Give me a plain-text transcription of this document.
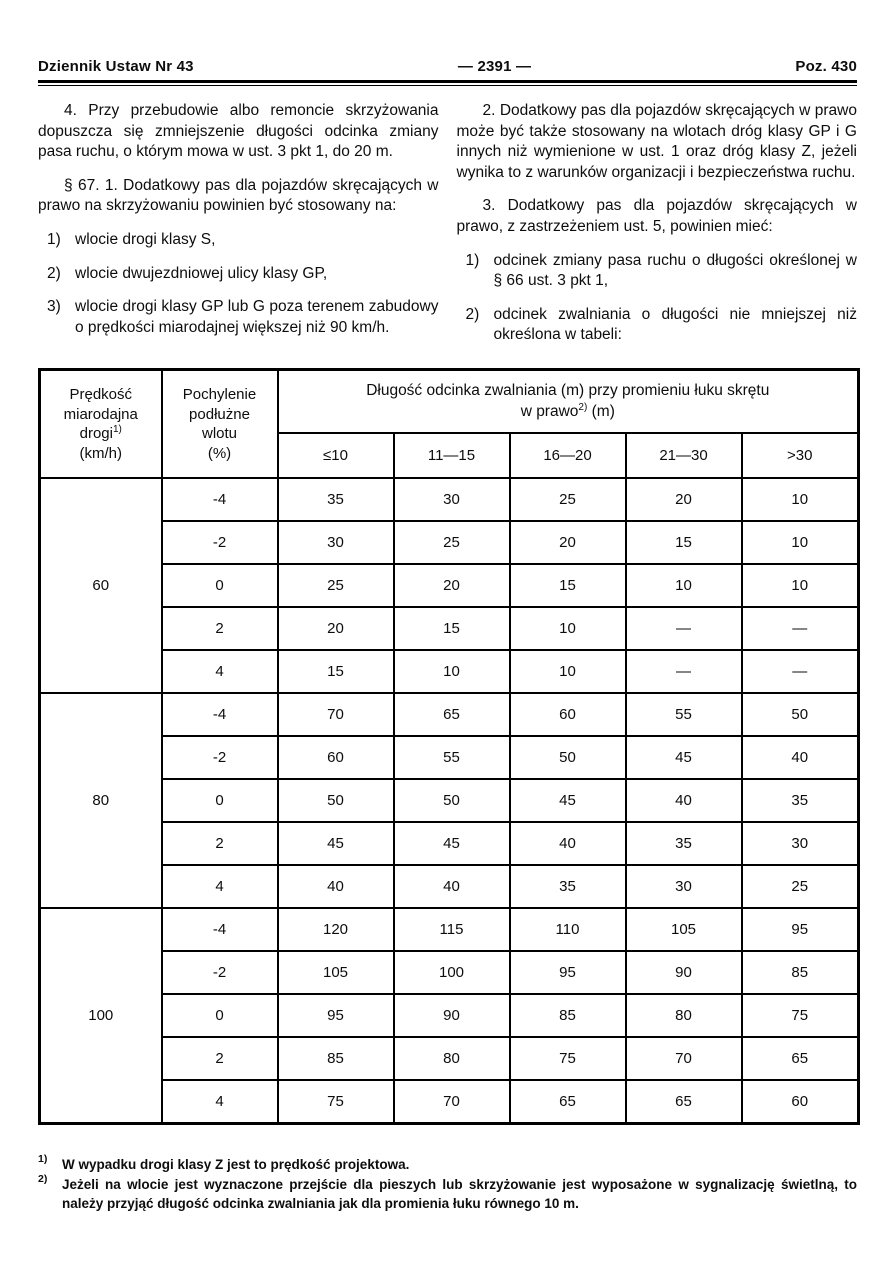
Dziennik Ustaw Nr 43	— 2391 —	Poz. 430

4. Przy przebudowie albo remoncie skrzyżowania dopuszcza się zmniejszenie długości odcinka zmiany pasa ruchu, o którym mowa w ust. 3 pkt 1, do 20 m.

§ 67. 1. Dodatkowy pas dla pojazdów skręcających w prawo na skrzyżowaniu powinien być stosowany na:

1) wlocie drogi klasy S,
2) wlocie dwujezdniowej ulicy klasy GP,
3) wlocie drogi klasy GP lub G poza terenem zabudowy o prędkości miarodajnej większej niż 90 km/h.

2. Dodatkowy pas dla pojazdów skręcających w prawo może być także stosowany na wlotach dróg klasy GP i G innych niż wymienione w ust. 1 oraz dróg klasy Z, jeżeli wynika to z warunków organizacji i bezpieczeństwa ruchu.

3. Dodatkowy pas dla pojazdów skręcających w prawo, z zastrzeżeniem ust. 5, powinien mieć:

1) odcinek zmiany pasa ruchu o długości określonej w § 66 ust. 3 pkt 1,
2) odcinek zwalniania o długości nie mniejszej niż określona w tabeli:
Prędkość
miarodajna
drogi$^{1)}$
(km/h)	Pochylenie
podłużne
wlotu
(%)	Długość odcinka zwalniania (m) przy promieniu łuku skrętu
w prawo$^{2)}$ (m)				
		≤10	11—15	16—20	21—30	>30
60	-4	35	30	25	20	10
	-2	30	25	20	15	10
	0	25	20	15	10	10
	2	20	15	10	—	—
	4	15	10	10	—	—
80	-4	70	65	60	55	50
	-2	60	55	50	45	40
	0	50	50	45	40	35
	2	45	45	40	35	30
	4	40	40	35	30	25
100	-4	120	115	110	105	95
	-2	105	100	95	90	85
	0	95	90	85	80	75
	2	85	80	75	70	65
	4	75	70	65	65	60
1) W wypadku drogi klasy Z jest to prędkość projektowa.
2) Jeżeli na wlocie jest wyznaczone przejście dla pieszych lub skrzyżowanie jest wyposażone w sygnalizację świetlną, to należy przyjąć długość odcinka zwalniania jak dla promienia łuku równego 10 m.
